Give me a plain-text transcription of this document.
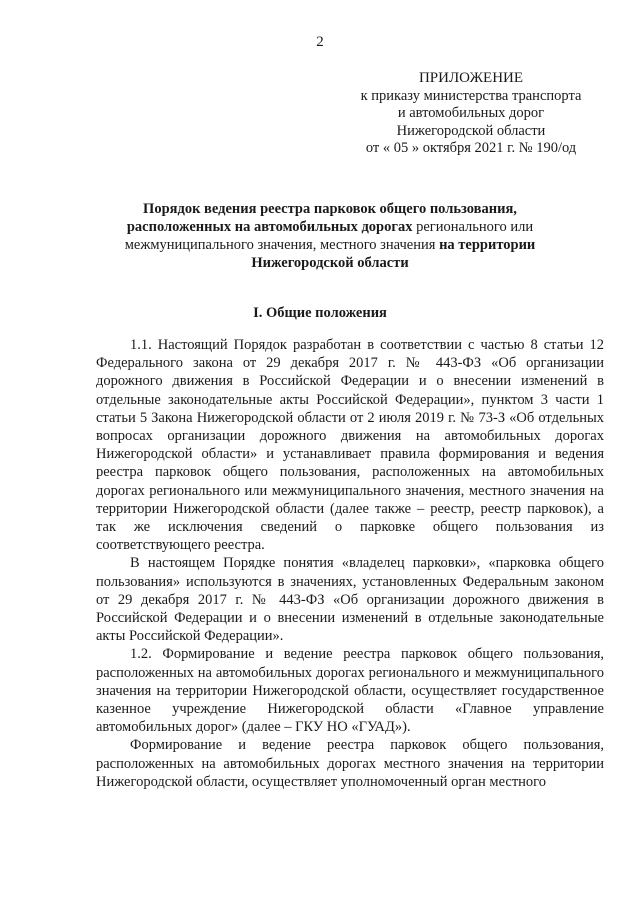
2
ПРИЛОЖЕНИЕ
к приказу министерства транспорта
и автомобильных дорог
Нижегородской области
от « 05 » октября 2021 г. № 190/од
Порядок ведения реестра парковок общего пользования, расположенных на автомобильных дорогах регионального или межмуниципального значения, местного значения на территории Нижегородской области
I. Общие положения

1.1. Настоящий Порядок разработан в соответствии с частью 8 статьи 12 Федерального закона от 29 декабря 2017 г. № 443-ФЗ «Об организации дорожного движения в Российской Федерации и о внесении изменений в отдельные законодательные акты Российской Федерации», пунктом 3 части 1 статьи 5 Закона Нижегородской области от 2 июля 2019 г. № 73-З «Об отдельных вопросах организации дорожного движения на автомобильных дорогах Нижегородской области» и устанавливает правила формирования и ведения реестра парковок общего пользования, расположенных на автомобильных дорогах регионального или межмуниципального значения, местного значения на территории Нижегородской области (далее также – реестр, реестр парковок), а так же исключения сведений о парковке общего пользования из соответствующего реестра.

В настоящем Порядке понятия «владелец парковки», «парковка общего пользования» используются в значениях, установленных Федеральным законом от 29 декабря 2017 г. № 443-ФЗ «Об организации дорожного движения в Российской Федерации и о внесении изменений в отдельные законодательные акты Российской Федерации».

1.2. Формирование и ведение реестра парковок общего пользования, расположенных на автомобильных дорогах регионального и межмуниципального значения на территории Нижегородской области, осуществляет государственное казенное учреждение Нижегородской области «Главное управление автомобильных дорог» (далее – ГКУ НО «ГУАД»).

Формирование и ведение реестра парковок общего пользования, расположенных на автомобильных дорогах местного значения на территории Нижегородской области, осуществляет уполномоченный орган местного
